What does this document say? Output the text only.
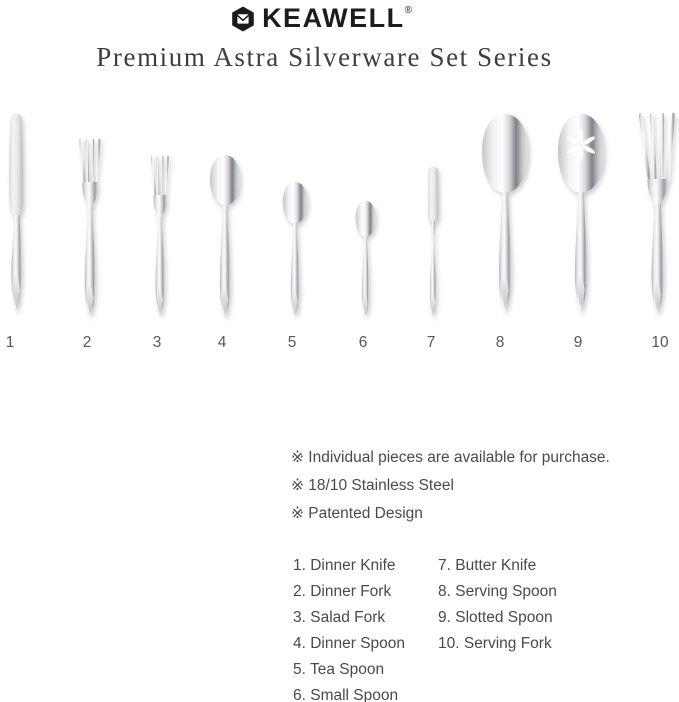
KEAWELL®
Premium Astra Silverware Set Series
1	2	3	4	5	6	7	8	9	10
※ Individual pieces are available for purchase.
※ 18/10 Stainless Steel
※ Patented Design
1. Dinner Knife
2. Dinner Fork
3. Salad Fork
4. Dinner Spoon
5. Tea Spoon
6. Small Spoon
7. Butter Knife
8. Serving Spoon
9. Slotted Spoon
10. Serving Fork
